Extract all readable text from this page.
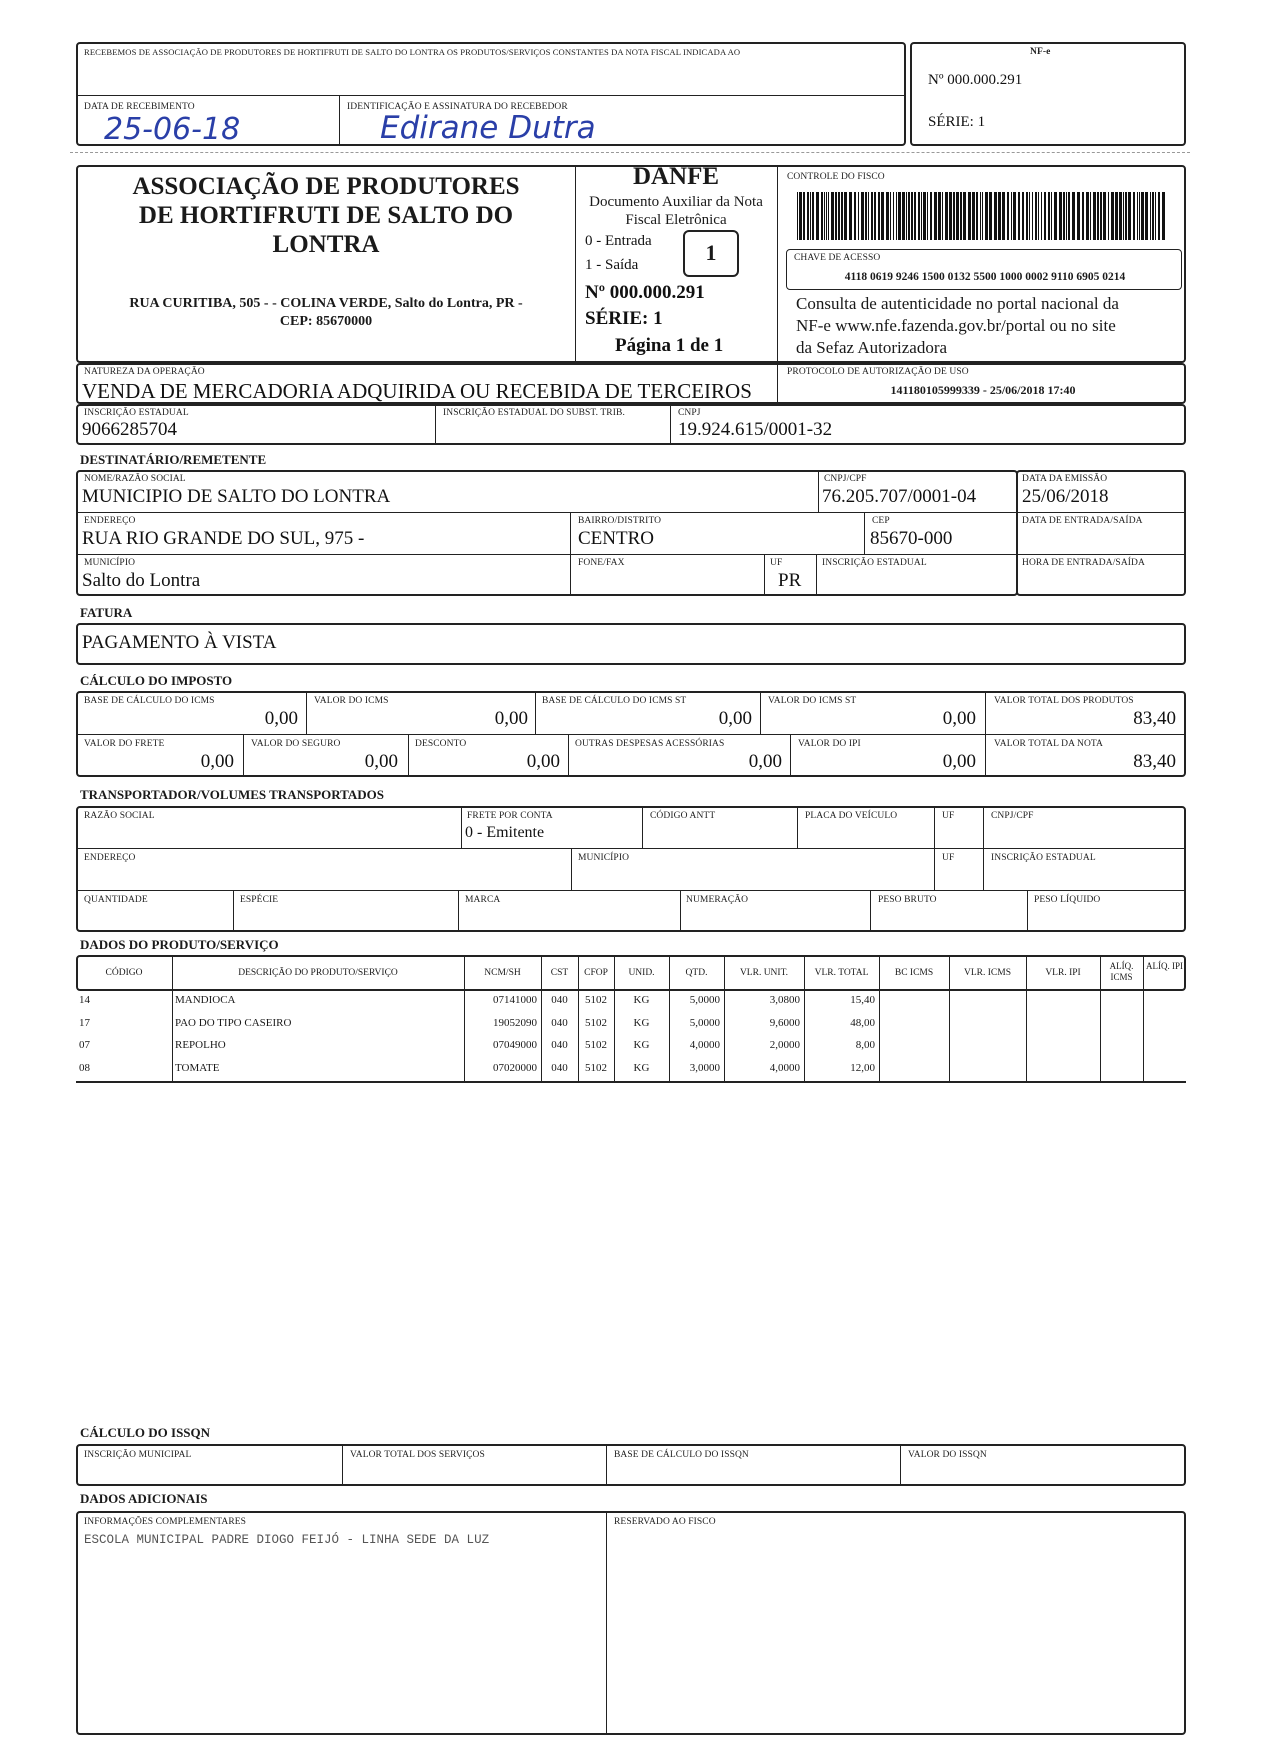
RECEBEMOS DE ASSOCIAÇÃO DE PRODUTORES DE HORTIFRUTI DE SALTO DO LONTRA OS PRODUTOS/SERVIÇOS CONSTANTES DA NOTA FISCAL INDICADA AO
DATA DE RECEBIMENTO
25-06-18
IDENTIFICAÇÃO E ASSINATURA DO RECEBEDOR
Edirane Dutra
NF-e
Nº 000.000.291
SÉRIE: 1
ASSOCIAÇÃO DE PRODUTORES
DE HORTIFRUTI DE SALTO DO
LONTRA
RUA CURITIBA, 505 - - COLINA VERDE, Salto do Lontra, PR -
CEP: 85670000
DANFE
Documento Auxiliar da Nota
Fiscal Eletrônica
0 - Entrada
1 - Saída	1
Nº 000.000.291
SÉRIE: 1
Página 1 de 1
CONTROLE DO FISCO
CHAVE DE ACESSO
4118 0619 9246 1500 0132 5500 1000 0002 9110 6905 0214
Consulta de autenticidade no portal nacional da
NF-e www.nfe.fazenda.gov.br/portal ou no site
da Sefaz Autorizadora
NATUREZA DA OPERAÇÃO
VENDA DE MERCADORIA ADQUIRIDA OU RECEBIDA DE TERCEIROS
PROTOCOLO DE AUTORIZAÇÃO DE USO
141180105999339 - 25/06/2018 17:40
INSCRIÇÃO ESTADUAL
9066285704
INSCRIÇÃO ESTADUAL DO SUBST. TRIB.	CNPJ
19.924.615/0001-32
DESTINATÁRIO/REMETENTE
NOME/RAZÃO SOCIAL
MUNICIPIO DE SALTO DO LONTRA
CNPJ/CPF
76.205.707/0001-04
ENDEREÇO
RUA RIO GRANDE DO SUL, 975 -
BAIRRO/DISTRITO
CENTRO
CEP
85670-000
MUNICÍPIO
Salto do Lontra
FONE/FAX	UF
PR
INSCRIÇÃO ESTADUAL
DATA DA EMISSÃO
25/06/2018
DATA DE ENTRADA/SAÍDA
HORA DE ENTRADA/SAÍDA
FATURA
PAGAMENTO À VISTA
CÁLCULO DO IMPOSTO
BASE DE CÁLCULO DO ICMS
0,00
VALOR DO ICMS
0,00
BASE DE CÁLCULO DO ICMS ST
0,00
VALOR DO ICMS ST
0,00
VALOR TOTAL DOS PRODUTOS
83,40
VALOR DO FRETE
0,00
VALOR DO SEGURO
0,00
DESCONTO
0,00
OUTRAS DESPESAS ACESSÓRIAS
0,00
VALOR DO IPI
0,00
VALOR TOTAL DA NOTA
83,40
TRANSPORTADOR/VOLUMES TRANSPORTADOS
RAZÃO SOCIAL	FRETE POR CONTA
0 - Emitente
CÓDIGO ANTT	PLACA DO VEÍCULO	UF	CNPJ/CPF
ENDEREÇO	MUNICÍPIO	UF	INSCRIÇÃO ESTADUAL
QUANTIDADE	ESPÉCIE	MARCA	NUMERAÇÃO	PESO BRUTO	PESO LÍQUIDO
DADOS DO PRODUTO/SERVIÇO
CÓDIGO	DESCRIÇÃO DO PRODUTO/SERVIÇO	NCM/SH	CST	CFOP	UNID.	QTD.	VLR. UNIT.	VLR. TOTAL	BC ICMS	VLR. ICMS	VLR. IPI
ALÍQ. ICMS
ALÍQ. IPI
14	MANDIOCA	07141000	040	5102	KG	5,0000	3,0800	15,40
17	PAO DO TIPO CASEIRO	19052090	040	5102	KG	5,0000	9,6000	48,00
07	REPOLHO	07049000	040	5102	KG	4,0000	2,0000	8,00
08	TOMATE	07020000	040	5102	KG	3,0000	4,0000	12,00
CÁLCULO DO ISSQN
INSCRIÇÃO MUNICIPAL	VALOR TOTAL DOS SERVIÇOS	BASE DE CÁLCULO DO ISSQN	VALOR DO ISSQN
DADOS ADICIONAIS
INFORMAÇÕES COMPLEMENTARES
ESCOLA MUNICIPAL PADRE DIOGO FEIJÓ - LINHA SEDE DA LUZ
RESERVADO AO FISCO
